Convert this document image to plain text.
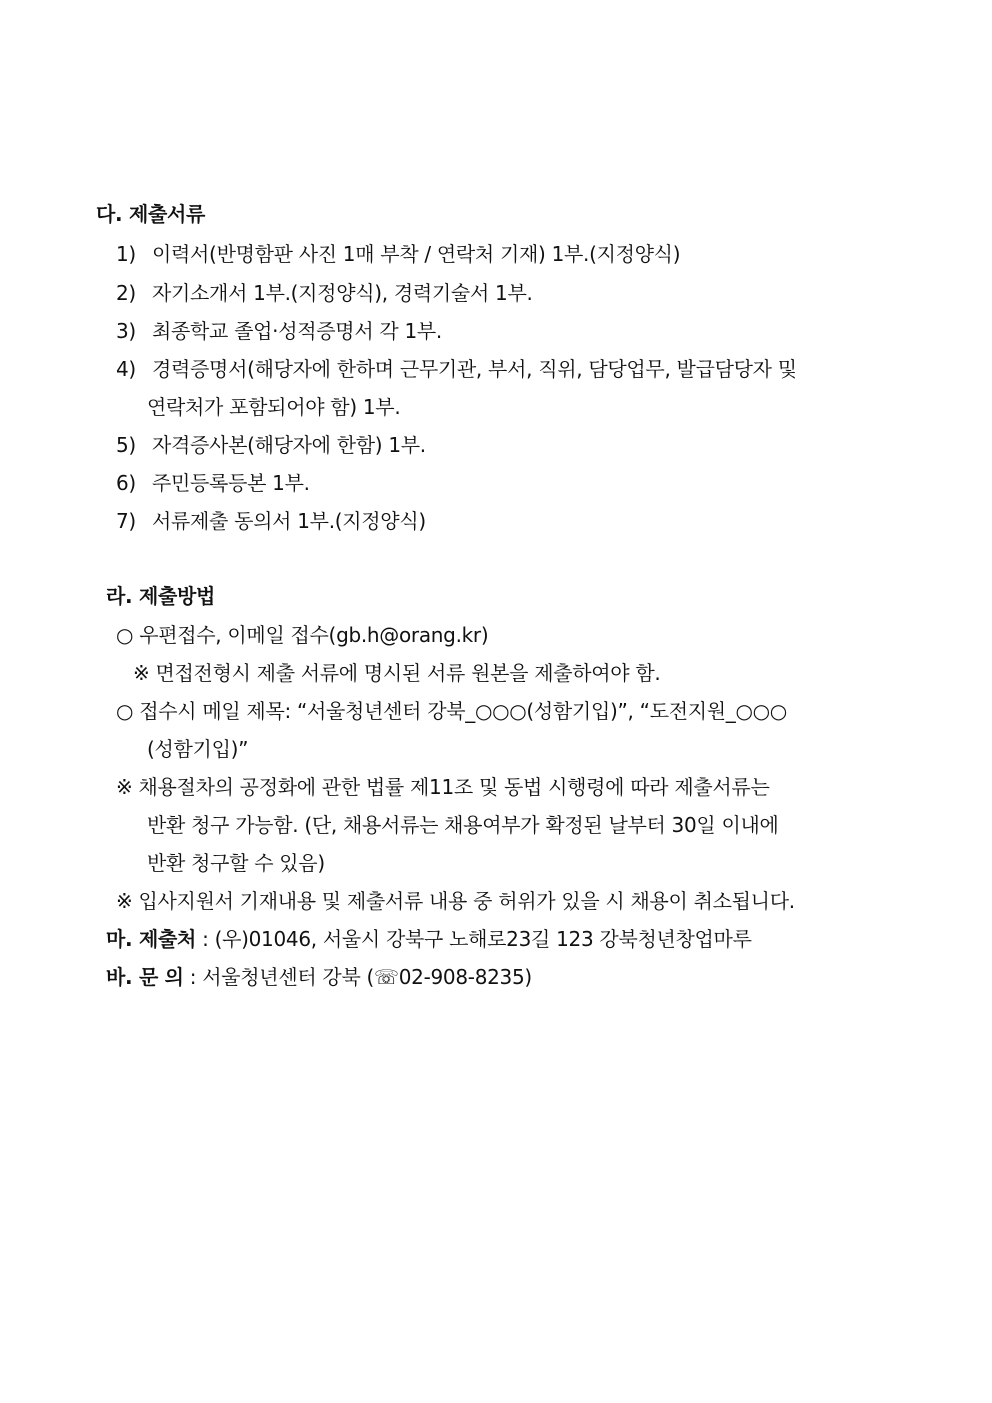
다. 제출서류
1) 이력서(반명함판 사진 1매 부착 / 연락처 기재) 1부.(지정양식)
2) 자기소개서 1부.(지정양식), 경력기술서 1부.
3) 최종학교 졸업·성적증명서 각 1부.
4) 경력증명서(해당자에 한하며 근무기관, 부서, 직위, 담당업무, 발급담당자 및
연락처가 포함되어야 함) 1부.
5) 자격증사본(해당자에 한함) 1부.
6) 주민등록등본 1부.
7) 서류제출 동의서 1부.(지정양식)
라. 제출방법
○ 우편접수, 이메일 접수(gb.h@orang.kr)
※ 면접전형시 제출 서류에 명시된 서류 원본을 제출하여야 함.
○ 접수시 메일 제목: “서울청년센터 강북_○○○(성함기입)”, “도전지원_○○○
(성함기입)”
※ 채용절차의 공정화에 관한 법률 제11조 및 동법 시행령에 따라 제출서류는
반환 청구 가능함. (단, 채용서류는 채용여부가 확정된 날부터 30일 이내에
반환 청구할 수 있음)
※ 입사지원서 기재내용 및 제출서류 내용 중 허위가 있을 시 채용이 취소됩니다.
마. 제출처 : (우)01046, 서울시 강북구 노해로23길 123 강북청년창업마루
바. 문 의 : 서울청년센터 강북 (☏02-908-8235)
